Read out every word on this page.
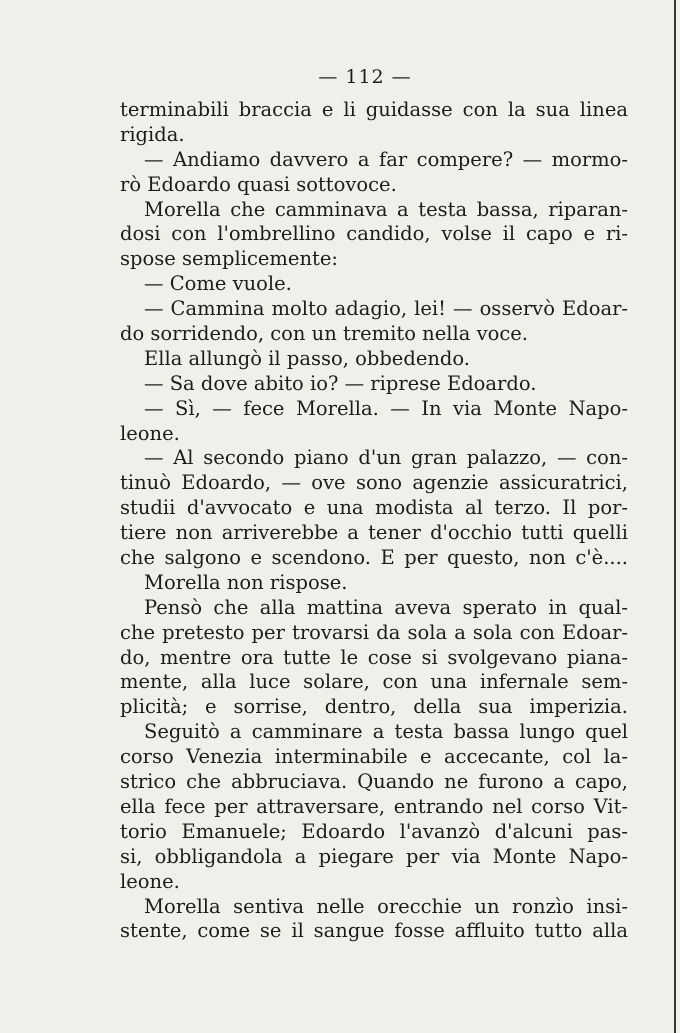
— 112 —
terminabili braccia e li guidasse con la sua linea
rigida.
— Andiamo davvero a far compere? — mormo-
rò Edoardo quasi sottovoce.
Morella che camminava a testa bassa, riparan-
dosi con l'ombrellino candido, volse il capo e ri-
spose semplicemente:
— Come vuole.
— Cammina molto adagio, lei! — osservò Edoar-
do sorridendo, con un tremito nella voce.
Ella allungò il passo, obbedendo.
— Sa dove abito io? — riprese Edoardo.
— Sì, — fece Morella. — In via Monte Napo-
leone.
— Al secondo piano d'un gran palazzo, — con-
tinuò Edoardo, — ove sono agenzie assicuratrici,
studii d'avvocato e una modista al terzo. Il por-
tiere non arriverebbe a tener d'occhio tutti quelli
che salgono e scendono. E per questo, non c'è....
Morella non rispose.
Pensò che alla mattina aveva sperato in qual-
che pretesto per trovarsi da sola a sola con Edoar-
do, mentre ora tutte le cose si svolgevano piana-
mente, alla luce solare, con una infernale sem-
plicità; e sorrise, dentro, della sua imperizia.
Seguitò a camminare a testa bassa lungo quel
corso Venezia interminabile e accecante, col la-
strico che abbruciava. Quando ne furono a capo,
ella fece per attraversare, entrando nel corso Vit-
torio Emanuele; Edoardo l'avanzò d'alcuni pas-
si, obbligandola a piegare per via Monte Napo-
leone.
Morella sentiva nelle orecchie un ronzìo insi-
stente, come se il sangue fosse affluito tutto alla
